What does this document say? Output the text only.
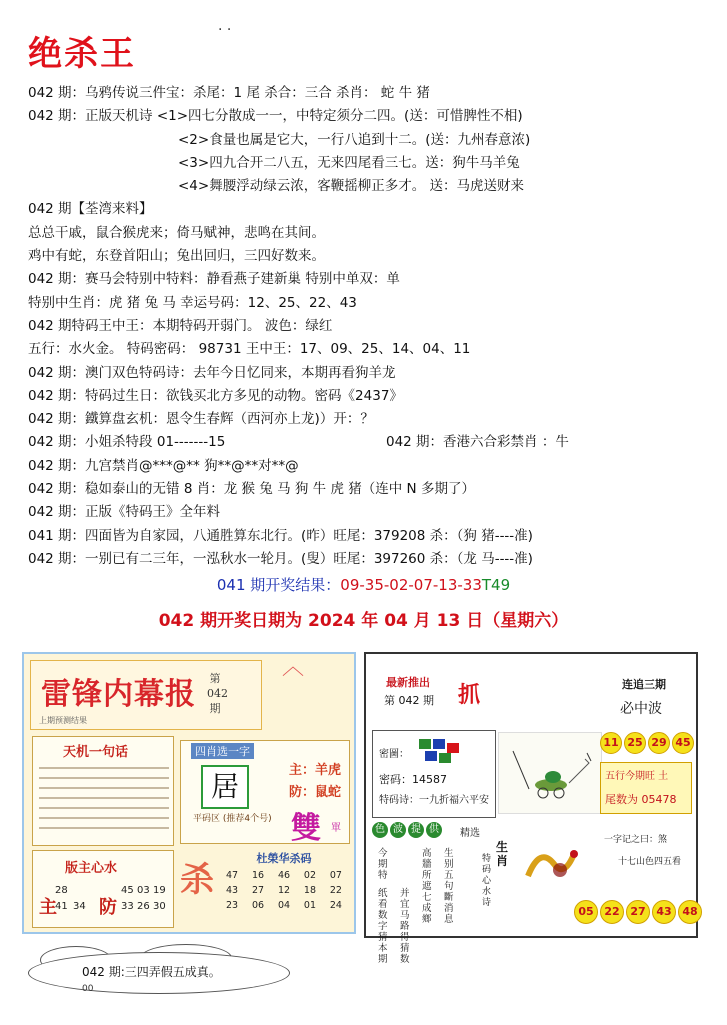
绝杀王
. .
042 期：乌鸦传说三件宝：杀尾：1 尾 杀合：三合 杀肖： 蛇 牛 猪
042 期：正版天机诗 <1>四七分散成一一，中特定须分二四。(送：可惜脾性不相)
<2>食量也属是它大，一行八追到十二。(送：九州春意浓)
<3>四九合开二八五，无来四尾看三七。送：狗牛马羊兔
<4>舞腰浮动绿云浓，客鞭摇柳正多才。 送：马虎送财来
042 期【荃湾来料】
总总干戚，鼠合猴虎来；倚马赋神，悲鸣在其间。
鸡中有蛇，东登首阳山；兔出回归，三四好数来。
042 期：赛马会特别中特料：静看燕子建新巢 特别中单双：单
特别中生肖：虎 猪 兔 马 幸运号码：12、25、22、43
042 期特码王中王：本期特码开弱门。 波色：绿红
五行：水火金。 特码密码： 98731 王中王：17、09、25、14、04、11
042 期：澳门双色特码诗：去年今日忆同来，本期再看狗羊龙
042 期：特码过生日：欲钱买北方多见的动物。密码《2437》
042 期：鐵算盘玄机：恩令生春辉（西河亦上龙)）开：？
042 期：小姐杀特段 01-------15	042 期：香港六合彩禁肖 ：牛
042 期：九宫禁肖@***@** 狗**@**对**@
042 期：稳如泰山的无错 8 肖：龙 猴 兔 马 狗 牛 虎 猪（连中 N 多期了）
042 期：正版《特码王》全年料
041 期：四面皆为自家园，八通胜算东北行。(昨）旺尾：379208 杀：（狗 猪----准)
042 期：一别已有二三年，一泓秋水一轮月。(叟）旺尾：397260 杀：（龙 马----准)
041 期开奖结果：09-35-02-07-13-33T49
042 期开奖日期为 2024 年 04 月 13 日（星期六）
雷锋内幕报 第042期
上期预测结果
天机一句话
版主心水
主 防
28	45 03 19
41 34	33 26 30
四肖选一字
居	主：羊虎
防：鼠蛇
雙 單
平码区 (推荐4个号)
杀
杜榮华杀码
47 16 46 02 07
43 27 12 18 22
23 06 04 01 24
︿
最新推出
第 042 期 抓	连追三期
必中波
密圖：
密码：14587
特码诗：一九折福六平安
11 25 29 45
五行今期旺 土
尾数为 05478
色 波 提 供	精选
今期特
纸看数字猜本期
并宜马路得猜数
高牆所遮七成鄉
生别五句斷消息
特码心水诗
生肖
一字记之曰：煞
十七山色四五看
05 22 27 43 48
042 期:三四弄假五成真。
00
